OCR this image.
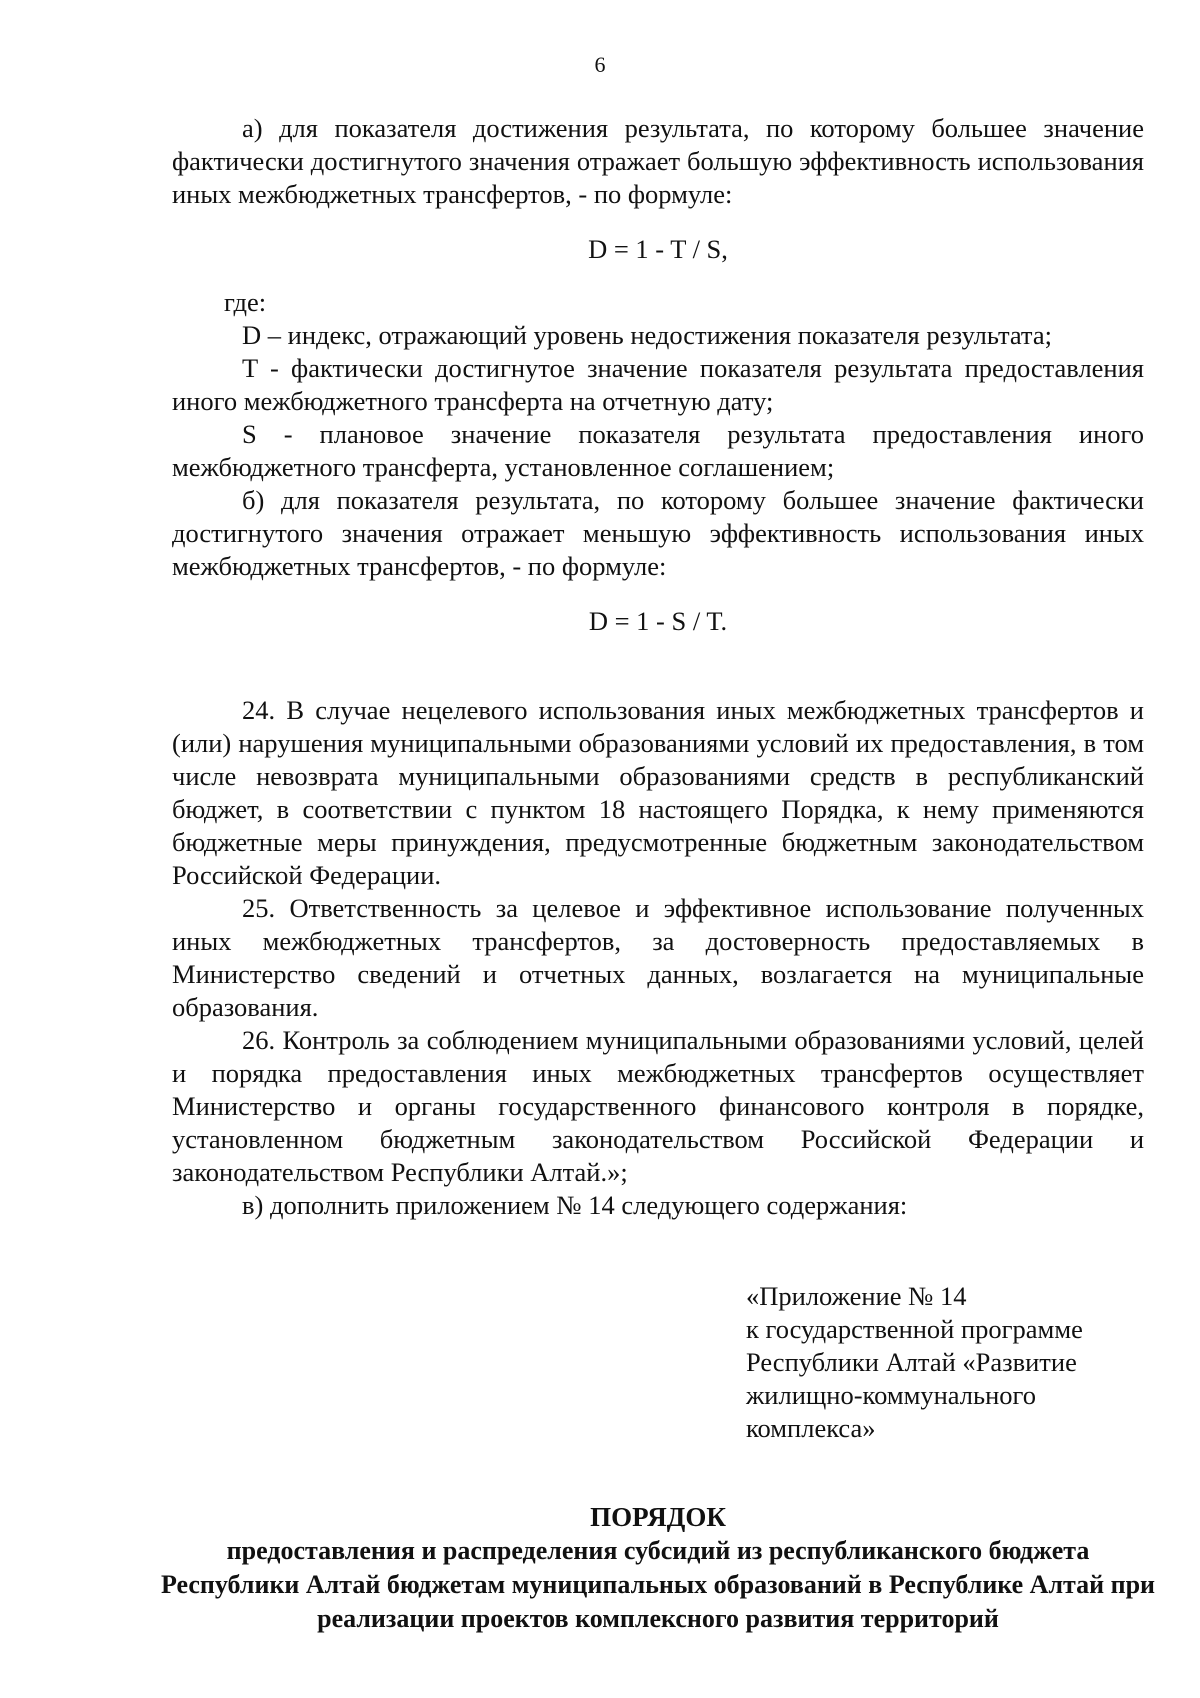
6

а) для показателя достижения результата, по которому большее значение фактически достигнутого значения отражает большую эффективность использования иных межбюджетных трансфертов, - по формуле:

D = 1 - T / S,

где:

D – индекс, отражающий уровень недостижения показателя результата;

T - фактически достигнутое значение показателя результата предоставления иного межбюджетного трансферта на отчетную дату;

S - плановое значение показателя результата предоставления иного межбюджетного трансферта, установленное соглашением;

б) для показателя результата, по которому большее значение фактически достигнутого значения отражает меньшую эффективность использования иных межбюджетных трансфертов, - по формуле:

D = 1 - S / T.

24. В случае нецелевого использования иных межбюджетных трансфертов и (или) нарушения муниципальными образованиями условий их предоставления, в том числе невозврата муниципальными образованиями средств в республиканский бюджет, в соответствии с пунктом 18 настоящего Порядка, к нему применяются бюджетные меры принуждения, предусмотренные бюджетным законодательством Российской Федерации.

25. Ответственность за целевое и эффективное использование полученных иных межбюджетных трансфертов, за достоверность предоставляемых в Министерство сведений и отчетных данных, возлагается на муниципальные образования.

26. Контроль за соблюдением муниципальными образованиями условий, целей и порядка предоставления иных межбюджетных трансфертов осуществляет Министерство и органы государственного финансового контроля в порядке, установленном бюджетным законодательством Российской Федерации и законодательством Республики Алтай.»;

в) дополнить приложением № 14 следующего содержания:

«Приложение № 14
к государственной программе
Республики Алтай «Развитие
жилищно-коммунального
комплекса»
ПОРЯДОК
предоставления и распределения субсидий из республиканского бюджета Республики Алтай бюджетам муниципальных образований в Республике Алтай при реализации проектов комплексного развития территорий
